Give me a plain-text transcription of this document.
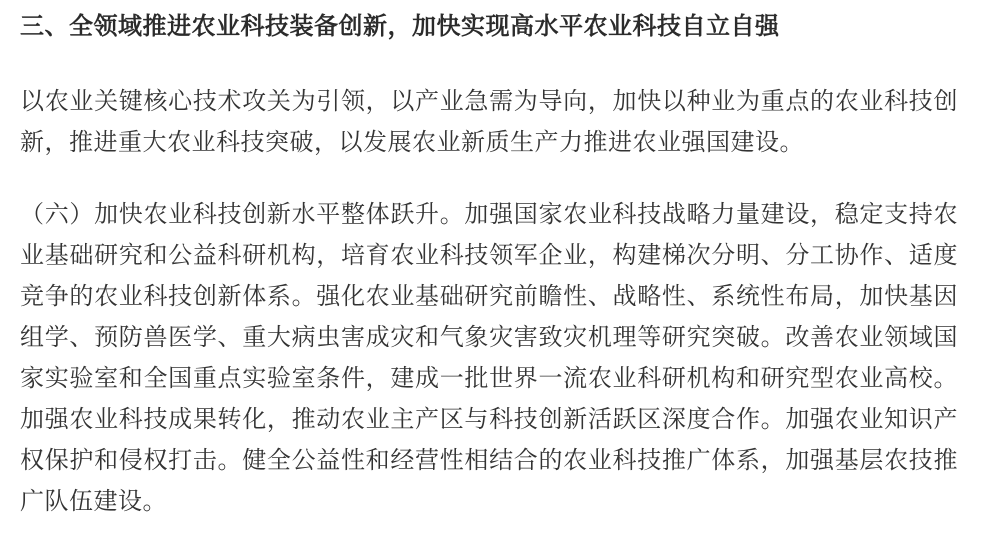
三、全领域推进农业科技装备创新，加快实现高水平农业科技自立自强

以农业关键核心技术攻关为引领，以产业急需为导向，加快以种业为重点的农业科技创新，推进重大农业科技突破，以发展农业新质生产力推进农业强国建设。

（六）加快农业科技创新水平整体跃升。加强国家农业科技战略力量建设，稳定支持农业基础研究和公益科研机构，培育农业科技领军企业，构建梯次分明、分工协作、适度竞争的农业科技创新体系。强化农业基础研究前瞻性、战略性、系统性布局，加快基因组学、预防兽医学、重大病虫害成灾和气象灾害致灾机理等研究突破。改善农业领域国家实验室和全国重点实验室条件，建成一批世界一流农业科研机构和研究型农业高校。加强农业科技成果转化，推动农业主产区与科技创新活跃区深度合作。加强农业知识产权保护和侵权打击。健全公益性和经营性相结合的农业科技推广体系，加强基层农技推广队伍建设。
